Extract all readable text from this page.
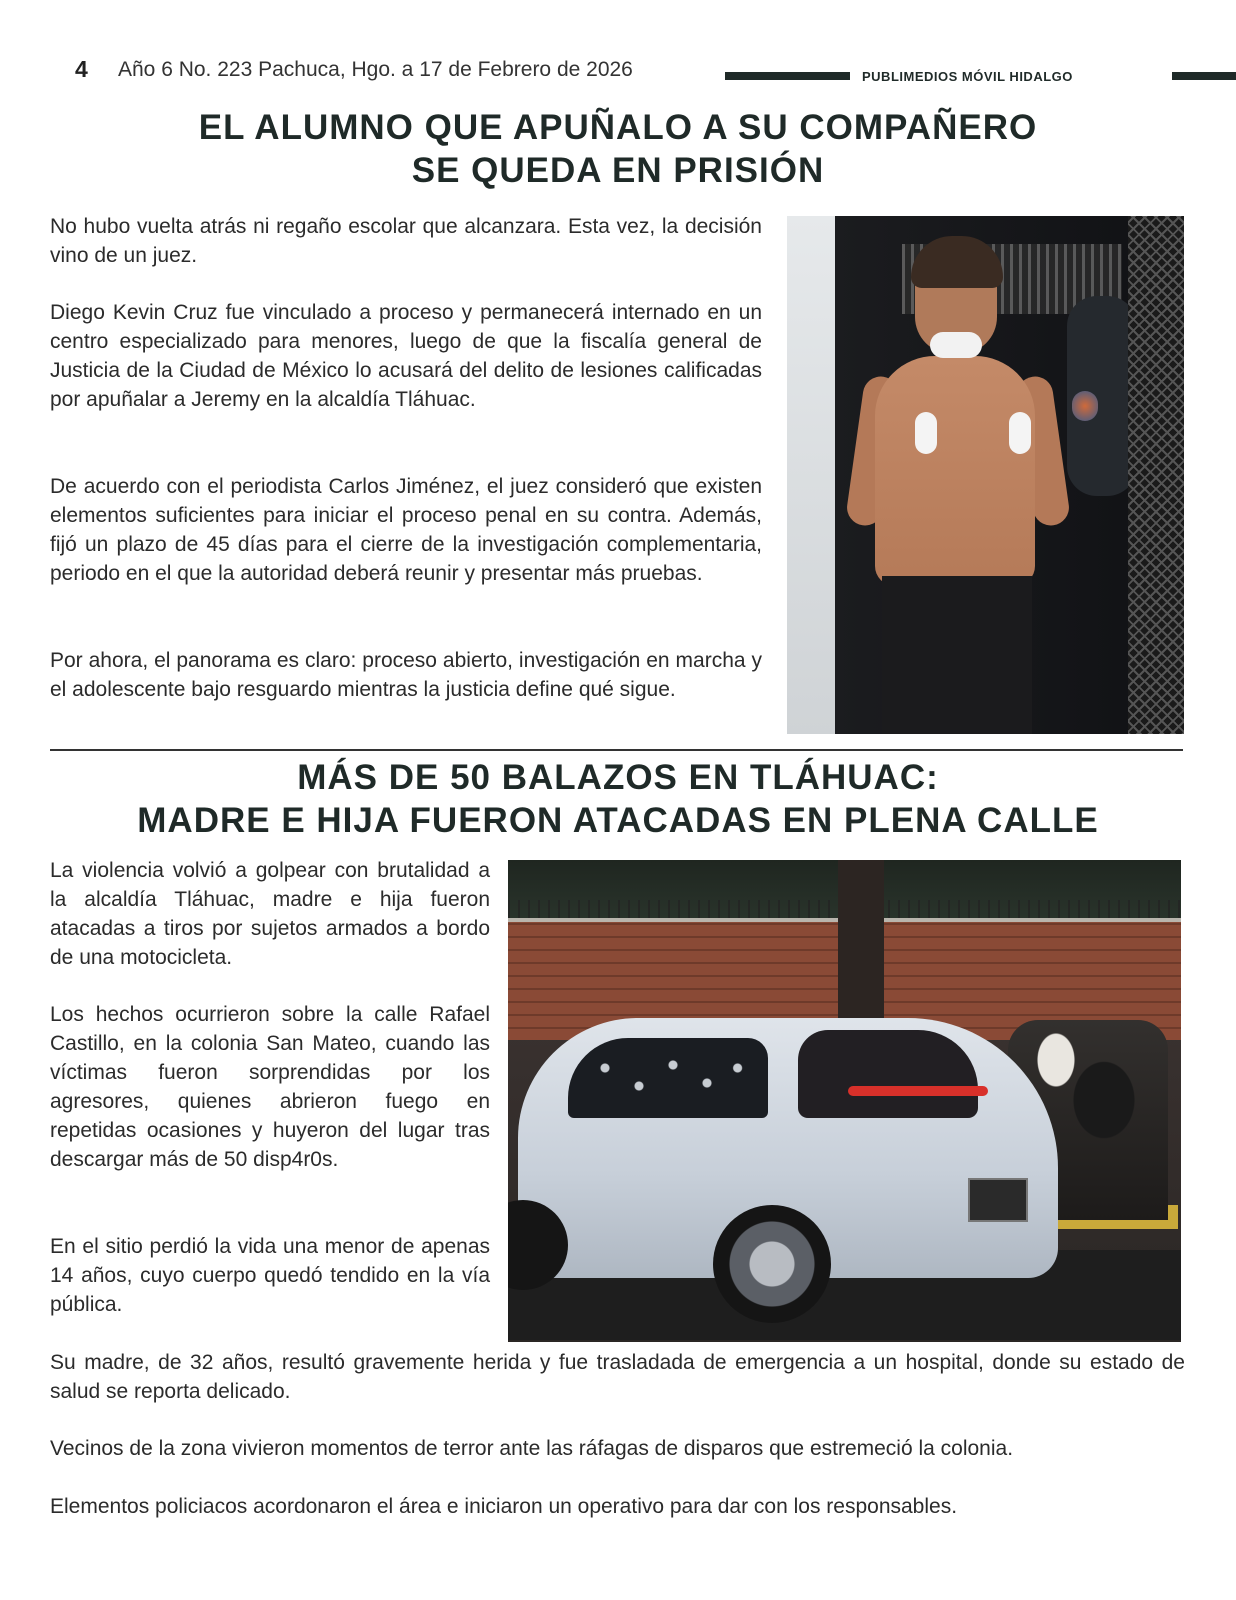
4 Año 6 No. 223 Pachuca, Hgo. a 17 de Febrero de 2026	PUBLIMEDIOS MÓVIL HIDALGO
EL ALUMNO QUE APUÑALO A SU COMPAÑERO
SE QUEDA EN PRISIÓN

No hubo vuelta atrás ni regaño escolar que alcanzara. Esta vez, la decisión vino de un juez.

Diego Kevin Cruz fue vinculado a proceso y permanecerá internado en un centro especializado para menores, luego de que la fiscalía general de Justicia de la Ciudad de México lo acusará del delito de lesiones calificadas por apuñalar a Jeremy en la alcaldía Tláhuac.

De acuerdo con el periodista Carlos Jiménez, el juez consideró que existen elementos suficientes para iniciar el proceso penal en su contra. Además, fijó un plazo de 45 días para el cierre de la investigación complementaria, periodo en el que la autoridad deberá reunir y presentar más pruebas.

Por ahora, el panorama es claro: proceso abierto, investigación en marcha y el adolescente bajo resguardo mientras la justicia define qué sigue.

MÁS DE 50 BALAZOS EN TLÁHUAC:
MADRE E HIJA FUERON ATACADAS EN PLENA CALLE

La violencia volvió a golpear con brutalidad a la alcaldía Tláhuac, madre e hija fueron atacadas a tiros por sujetos armados a bordo de una motocicleta.

Los hechos ocurrieron sobre la calle Rafael Castillo, en la colonia San Mateo, cuando las víctimas fueron sorprendidas por los agresores, quienes abrieron fuego en repetidas ocasiones y huyeron del lugar tras descargar más de 50 disp4r0s.

En el sitio perdió la vida una menor de apenas 14 años, cuyo cuerpo quedó tendido en la vía pública.

Su madre, de 32 años, resultó gravemente herida y fue trasladada de emergencia a un hospital, donde su estado de salud se reporta delicado.

Vecinos de la zona vivieron momentos de terror ante las ráfagas de disparos que estremeció la colonia.

Elementos policiacos acordonaron el área e iniciaron un operativo para dar con los responsables.
